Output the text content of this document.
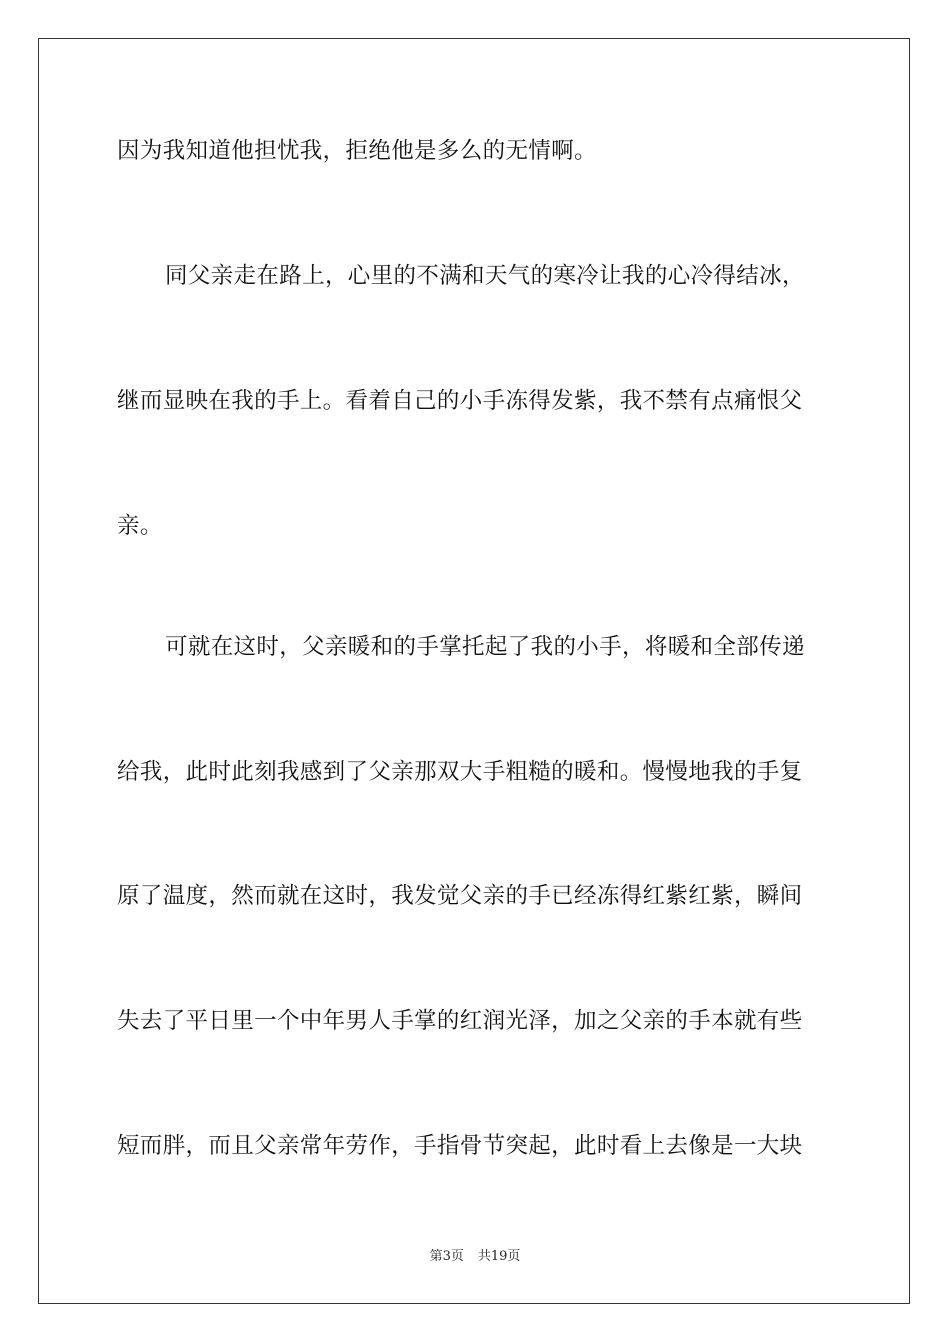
因为我知道他担忧我，拒绝他是多么的无情啊。

同父亲走在路上，心里的不满和天气的寒冷让我的心冷得结冰，

继而显映在我的手上。看着自己的小手冻得发紫，我不禁有点痛恨父

亲。

可就在这时，父亲暖和的手掌托起了我的小手，将暖和全部传递

给我，此时此刻我感到了父亲那双大手粗糙的暖和。慢慢地我的手复

原了温度，然而就在这时，我发觉父亲的手已经冻得红紫红紫，瞬间

失去了平日里一个中年男人手掌的红润光泽，加之父亲的手本就有些

短而胖，而且父亲常年劳作，手指骨节突起，此时看上去像是一大块

第3页 共19页
